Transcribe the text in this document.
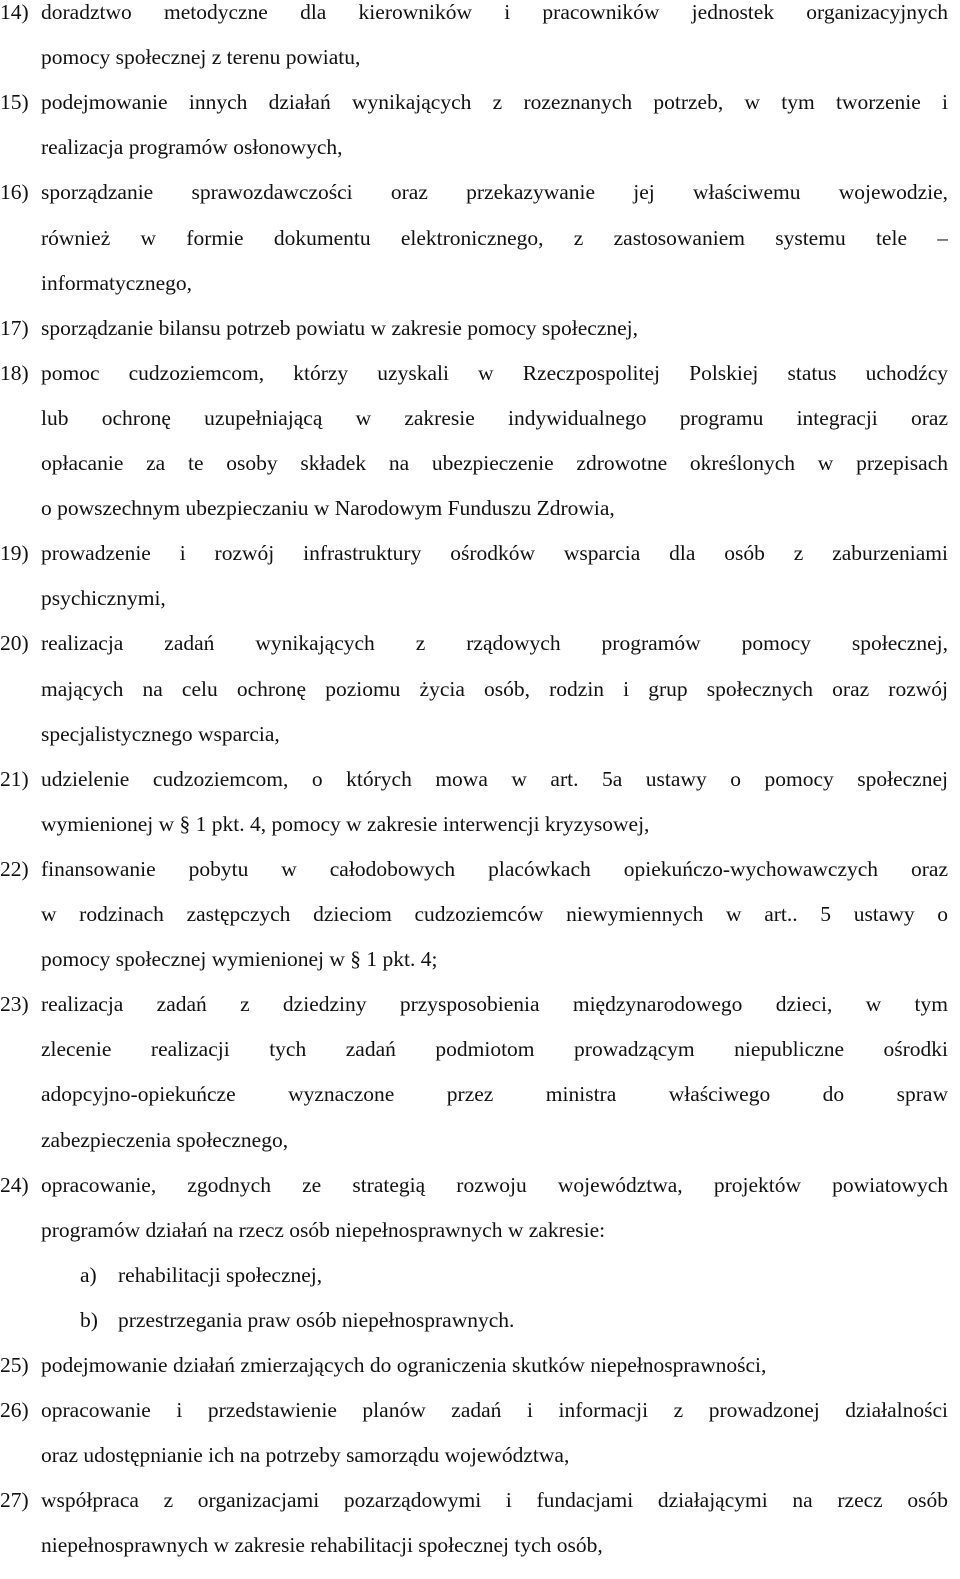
14) doradztwo metodyczne dla kierowników i pracowników jednostek organizacyjnych
pomocy społecznej z terenu powiatu,
15) podejmowanie innych działań wynikających z rozeznanych potrzeb, w tym tworzenie i
realizacja programów osłonowych,
16) sporządzanie sprawozdawczości oraz przekazywanie jej właściwemu wojewodzie,
również w formie dokumentu elektronicznego, z zastosowaniem systemu tele –
informatycznego,
17) sporządzanie bilansu potrzeb powiatu w zakresie pomocy społecznej,
18) pomoc cudzoziemcom, którzy uzyskali w Rzeczpospolitej Polskiej status uchodźcy
lub ochronę uzupełniającą w zakresie indywidualnego programu integracji oraz
opłacanie za te osoby składek na ubezpieczenie zdrowotne określonych w przepisach
o powszechnym ubezpieczaniu w Narodowym Funduszu Zdrowia,
19) prowadzenie i rozwój infrastruktury ośrodków wsparcia dla osób z zaburzeniami
psychicznymi,
20) realizacja zadań wynikających z rządowych programów pomocy społecznej,
mających na celu ochronę poziomu życia osób, rodzin i grup społecznych oraz rozwój
specjalistycznego wsparcia,
21) udzielenie cudzoziemcom, o których mowa w art. 5a ustawy o pomocy społecznej
wymienionej w § 1 pkt. 4, pomocy w zakresie interwencji kryzysowej,
22) finansowanie pobytu w całodobowych placówkach opiekuńczo-wychowawczych oraz
w rodzinach zastępczych dzieciom cudzoziemców niewymiennych w art.. 5 ustawy o
pomocy społecznej wymienionej w § 1 pkt. 4;
23) realizacja zadań z dziedziny przysposobienia międzynarodowego dzieci, w tym
zlecenie realizacji tych zadań podmiotom prowadzącym niepubliczne ośrodki
adopcyjno-opiekuńcze wyznaczone przez ministra właściwego do spraw
zabezpieczenia społecznego,
24) opracowanie, zgodnych ze strategią rozwoju województwa, projektów powiatowych
programów działań na rzecz osób niepełnosprawnych w zakresie:
a) rehabilitacji społecznej,
b) przestrzegania praw osób niepełnosprawnych.
25) podejmowanie działań zmierzających do ograniczenia skutków niepełnosprawności,
26) opracowanie i przedstawienie planów zadań i informacji z prowadzonej działalności
oraz udostępnianie ich na potrzeby samorządu województwa,
27) współpraca z organizacjami pozarządowymi i fundacjami działającymi na rzecz osób
niepełnosprawnych w zakresie rehabilitacji społecznej tych osób,
